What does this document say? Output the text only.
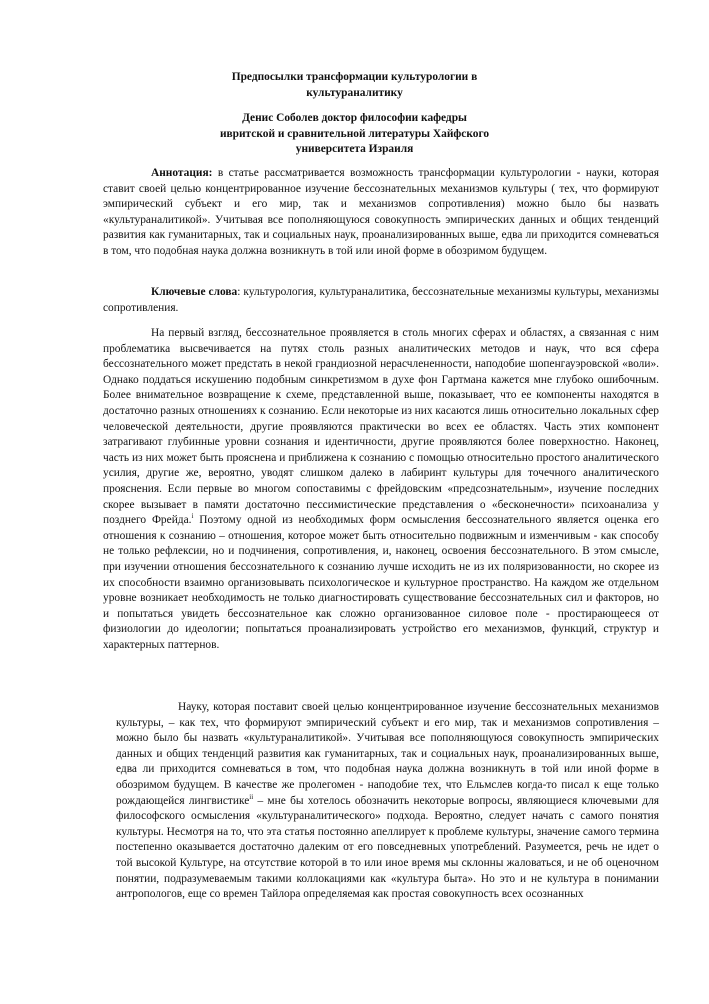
Предпосылки трансформации культурологии в
культураналитику
Денис Соболев доктор философии кафедры
ивритской и сравнительной литературы Хайфского
университета Израиля

Аннотация: в статье рассматривается возможность трансформации культурологии - науки, которая ставит своей целью концентрированное изучение бессознательных механизмов культуры ( тех, что формируют эмпирический субъект и его мир, так и механизмов сопротивления) можно было бы назвать «культураналитикой». Учитывая все пополняющуюся совокупность эмпирических данных и общих тенденций развития как гуманитарных, так и социальных наук, проанализированных выше, едва ли приходится сомневаться в том, что подобная наука должна возникнуть в той или иной форме в обозримом будущем.

Ключевые слова: культурология, культураналитика, бессознательные механизмы культуры, механизмы сопротивления.

На первый взгляд, бессознательное проявляется в столь многих сферах и областях, а связанная с ним проблематика высвечивается на путях столь разных аналитических методов и наук, что вся сфера бессознательного может предстать в некой грандиозной нерасчлененности, наподобие шопенгауэровской «воли». Однако поддаться искушению подобным синкретизмом в духе фон Гартмана кажется мне глубоко ошибочным. Более внимательное возвращение к схеме, представленной выше, показывает, что ее компоненты находятся в достаточно разных отношениях к сознанию. Если некоторые из них касаются лишь относительно локальных сфер человеческой деятельности, другие проявляются практически во всех ее областях. Часть этих компонент затрагивают глубинные уровни сознания и идентичности, другие проявляются более поверхностно. Наконец, часть из них может быть прояснена и приближена к сознанию с помощью относительно простого аналитического усилия, другие же, вероятно, уводят слишком далеко в лабиринт культуры для точечного аналитического прояснения. Если первые во многом сопоставимы с фрейдовским «предсознательным», изучение последних скорее вызывает в памяти достаточно пессимистические представления о «бесконечности» психоанализа у позднего Фрейда.$^i$ Поэтому одной из необходимых форм осмысления бессознательного является оценка его отношения к сознанию – отношения, которое может быть относительно подвижным и изменчивым - как способу не только рефлексии, но и подчинения, сопротивления, и, наконец, освоения бессознательного. В этом смысле, при изучении отношения бессознательного к сознанию лучше исходить не из их поляризованности, но скорее из их способности взаимно организовывать психологическое и культурное пространство. На каждом же отдельном уровне возникает необходимость не только диагностировать существование бессознательных сил и факторов, но и попытаться увидеть бессознательное как сложно организованное силовое поле - простирающееся от физиологии до идеологии; попытаться проанализировать устройство его механизмов, функций, структур и характерных паттернов.

Науку, которая поставит своей целью концентрированное изучение бессознательных механизмов культуры, – как тех, что формируют эмпирический субъект и его мир, так и механизмов сопротивления – можно было бы назвать «культураналитикой». Учитывая все пополняющуюся совокупность эмпирических данных и общих тенденций развития как гуманитарных, так и социальных наук, проанализированных выше, едва ли приходится сомневаться в том, что подобная наука должна возникнуть в той или иной форме в обозримом будущем. В качестве же пролегомен - наподобие тех, что Ельмслев когда-то писал к еще только рождающейся лингвистике$^{ii}$ – мне бы хотелось обозначить некоторые вопросы, являющиеся ключевыми для философского осмысления «культураналитического» подхода. Вероятно, следует начать с самого понятия культуры. Несмотря на то, что эта статья постоянно апеллирует к проблеме культуры, значение самого термина постепенно оказывается достаточно далеким от его повседневных употреблений. Разумеется, речь не идет о той высокой Культуре, на отсутствие которой в то или иное время мы склонны жаловаться, и не об оценочном понятии, подразумеваемым такими коллокациями как «культура быта». Но это и не культура в понимании антропологов, еще со времен Тайлора определяемая как простая совокупность всех осознанных
